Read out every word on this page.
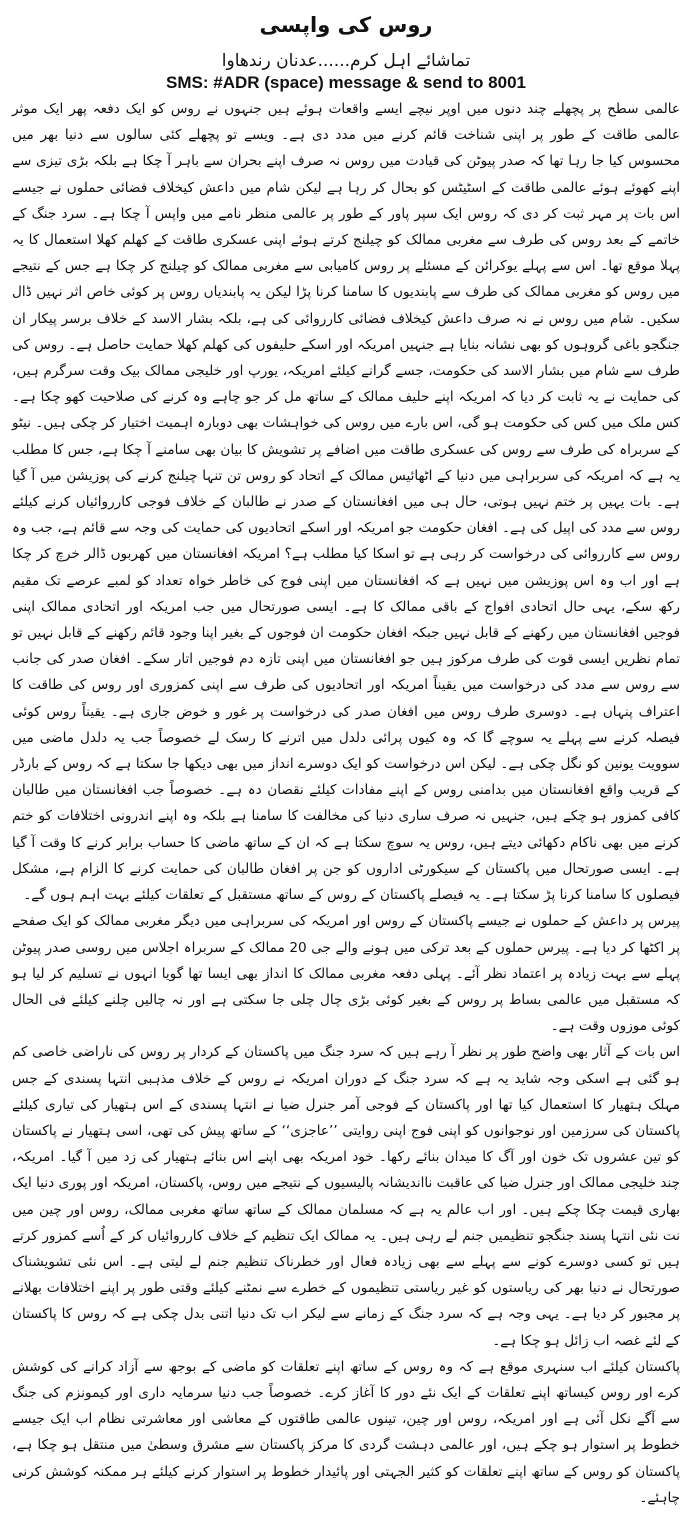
روس کی واپسی
تماشائے اہل کرم......عدنان رندھاوا
SMS: #ADR (space) message & send to 8001

عالمی سطح پر پچھلے چند دنوں میں اوپر نیچے ایسے واقعات ہوئے ہیں جنہوں نے روس کو ایک دفعہ پھر ایک موثر عالمی طاقت کے طور پر اپنی شناخت قائم کرنے میں مدد دی ہے۔ ویسے تو پچھلے کئی سالوں سے دنیا بھر میں محسوس کیا جا رہا تھا کہ صدر پیوٹن کی قیادت میں روس نہ صرف اپنے بحران سے باہر آ چکا ہے بلکہ بڑی تیزی سے اپنے کھوئے ہوئے عالمی طاقت کے اسٹیٹس کو بحال کر رہا ہے لیکن شام میں داعش کیخلاف فضائی حملوں نے جیسے اس بات پر مہر ثبت کر دی کہ روس ایک سپر پاور کے طور پر عالمی منظر نامے میں واپس آ چکا ہے۔ سرد جنگ کے خاتمے کے بعد روس کی طرف سے مغربی ممالک کو چیلنج کرتے ہوئے اپنی عسکری طاقت کے کھلم کھلا استعمال کا یہ پہلا موقع تھا۔ اس سے پہلے یوکرائن کے مسئلے پر روس کامیابی سے مغربی ممالک کو چیلنج کر چکا ہے جس کے نتیجے میں روس کو مغربی ممالک کی طرف سے پابندیوں کا سامنا کرنا پڑا لیکن یہ پابندیاں روس پر کوئی خاص اثر نہیں ڈال سکیں۔ شام میں روس نے نہ صرف داعش کیخلاف فضائی کارروائی کی ہے، بلکہ بشار الاسد کے خلاف برسر پیکار ان جنگجو باغی گروہوں کو بھی نشانہ بنایا ہے جنہیں امریکہ اور اسکے حلیفوں کی کھلم کھلا حمایت حاصل ہے۔ روس کی طرف سے شام میں بشار الاسد کی حکومت، جسے گرانے کیلئے امریکہ، یورپ اور خلیجی ممالک بیک وقت سرگرم ہیں، کی حمایت نے یہ ثابت کر دیا کہ امریکہ اپنے حلیف ممالک کے ساتھ مل کر جو چاہے وہ کرنے کی صلاحیت کھو چکا ہے۔ کس ملک میں کس کی حکومت ہو گی، اس بارے میں روس کی خواہشات بھی دوبارہ اہمیت اختیار کر چکی ہیں۔ نیٹو کے سربراہ کی طرف سے روس کی عسکری طاقت میں اضافے پر تشویش کا بیان بھی سامنے آ چکا ہے، جس کا مطلب یہ ہے کہ امریکہ کی سربراہی میں دنیا کے اٹھائیس ممالک کے اتحاد کو روس تن تنہا چیلنج کرنے کی پوزیشن میں آ گیا ہے۔ بات یہیں پر ختم نہیں ہوتی، حال ہی میں افغانستان کے صدر نے طالبان کے خلاف فوجی کارروائیاں کرنے کیلئے روس سے مدد کی اپیل کی ہے۔ افغان حکومت جو امریکہ اور اسکے اتحادیوں کی حمایت کی وجہ سے قائم ہے، جب وہ روس سے کارروائی کی درخواست کر رہی ہے تو اسکا کیا مطلب ہے؟ امریکہ افغانستان میں کھربوں ڈالر خرچ کر چکا ہے اور اب وہ اس پوزیشن میں نہیں ہے کہ افغانستان میں اپنی فوج کی خاطر خواہ تعداد کو لمبے عرصے تک مقیم رکھ سکے، یہی حال اتحادی افواج کے باقی ممالک کا ہے۔ ایسی صورتحال میں جب امریکہ اور اتحادی ممالک اپنی فوجیں افغانستان میں رکھنے کے قابل نہیں جبکہ افغان حکومت ان فوجوں کے بغیر اپنا وجود قائم رکھنے کے قابل نہیں تو تمام نظریں ایسی قوت کی طرف مرکوز ہیں جو افغانستان میں اپنی تازہ دم فوجیں اتار سکے۔ افغان صدر کی جانب سے روس سے مدد کی درخواست میں یقیناً امریکہ اور اتحادیوں کی طرف سے اپنی کمزوری اور روس کی طاقت کا اعتراف پنہاں ہے۔ دوسری طرف روس میں افغان صدر کی درخواست پر غور و خوض جاری ہے۔ یقیناً روس کوئی فیصلہ کرنے سے پہلے یہ سوچے گا کہ وہ کیوں پرائی دلدل میں اترنے کا رسک لے خصوصاً جب یہ دلدل ماضی میں سوویت یونین کو نگل چکی ہے۔ لیکن اس درخواست کو ایک دوسرے انداز میں بھی دیکھا جا سکتا ہے کہ روس کے بارڈر کے قریب واقع افغانستان میں بدامنی روس کے اپنے مفادات کیلئے نقصان دہ ہے۔ خصوصاً جب افغانستان میں طالبان کافی کمزور ہو چکے ہیں، جنہیں نہ صرف ساری دنیا کی مخالفت کا سامنا ہے بلکہ وہ اپنے اندرونی اختلافات کو ختم کرنے میں بھی ناکام دکھائی دیتے ہیں، روس یہ سوچ سکتا ہے کہ ان کے ساتھ ماضی کا حساب برابر کرنے کا وقت آ گیا ہے۔ ایسی صورتحال میں پاکستان کے سیکورٹی اداروں کو جن پر افغان طالبان کی حمایت کرنے کا الزام ہے، مشکل فیصلوں کا سامنا کرنا پڑ سکتا ہے۔ یہ فیصلے پاکستان کے روس کے ساتھ مستقبل کے تعلقات کیلئے بہت اہم ہوں گے۔

پیرس پر داعش کے حملوں نے جیسے پاکستان کے روس اور امریکہ کی سربراہی میں دیگر مغربی ممالک کو ایک صفحے پر اکٹھا کر دیا ہے۔ پیرس حملوں کے بعد ترکی میں ہونے والے جی 20 ممالک کے سربراہ اجلاس میں روسی صدر پیوٹن پہلے سے بہت زیادہ پر اعتماد نظر آئے۔ پہلی دفعہ مغربی ممالک کا انداز بھی ایسا تھا گویا انہوں نے تسلیم کر لیا ہو کہ مستقبل میں عالمی بساط پر روس کے بغیر کوئی بڑی چال چلی جا سکتی ہے اور نہ چالیں چلنے کیلئے فی الحال کوئی موزوں وقت ہے۔

اس بات کے آثار بھی واضح طور پر نظر آ رہے ہیں کہ سرد جنگ میں پاکستان کے کردار پر روس کی ناراضی خاصی کم ہو گئی ہے اسکی وجہ شاید یہ ہے کہ سرد جنگ کے دوران امریکہ نے روس کے خلاف مذہبی انتہا پسندی کے جس مہلک ہتھیار کا استعمال کیا تھا اور پاکستان کے فوجی آمر جنرل ضیا نے انتہا پسندی کے اس ہتھیار کی تیاری کیلئے پاکستان کی سرزمین اور نوجوانوں کو اپنی فوج اپنی روایتی ’’عاجزی‘‘ کے ساتھ پیش کی تھی، اسی ہتھیار نے پاکستان کو تین عشروں تک خون اور آگ کا میدان بنائے رکھا۔ خود امریکہ بھی اپنے اس بنائے ہتھیار کی زد میں آ گیا۔ امریکہ، چند خلیجی ممالک اور جنرل ضیا کی عاقبت نااندیشانہ پالیسیوں کے نتیجے میں روس، پاکستان، امریکہ اور پوری دنیا ایک بھاری قیمت چکا چکے ہیں۔ اور اب عالم یہ ہے کہ مسلمان ممالک کے ساتھ ساتھ مغربی ممالک، روس اور چین میں نت نئی انتہا پسند جنگجو تنظیمیں جنم لے رہی ہیں۔ یہ ممالک ایک تنظیم کے خلاف کارروائیاں کر کے اُسے کمزور کرتے ہیں تو کسی دوسرے کونے سے پہلے سے بھی زیادہ فعال اور خطرناک تنظیم جنم لے لیتی ہے۔ اس نئی تشویشناک صورتحال نے دنیا بھر کی ریاستوں کو غیر ریاستی تنظیموں کے خطرے سے نمٹنے کیلئے وقتی طور پر اپنے اختلافات بھلانے پر مجبور کر دیا ہے۔ یہی وجہ ہے کہ سرد جنگ کے زمانے سے لیکر اب تک دنیا اتنی بدل چکی ہے کہ روس کا پاکستان کے لئے غصہ اب زائل ہو چکا ہے۔

پاکستان کیلئے اب سنہری موقع ہے کہ وہ روس کے ساتھ اپنے تعلقات کو ماضی کے بوجھ سے آزاد کرانے کی کوشش کرے اور روس کیساتھ اپنے تعلقات کے ایک نئے دور کا آغاز کرے۔ خصوصاً جب دنیا سرمایہ داری اور کیمونزم کی جنگ سے آگے نکل آئی ہے اور امریکہ، روس اور چین، تینوں عالمی طاقتوں کے معاشی اور معاشرتی نظام اب ایک جیسے خطوط پر استوار ہو چکے ہیں، اور عالمی دہشت گردی کا مرکز پاکستان سے مشرق وسطیٰ میں منتقل ہو چکا ہے، پاکستان کو روس کے ساتھ اپنے تعلقات کو کثیر الجہتی اور پائیدار خطوط پر استوار کرنے کیلئے ہر ممکنہ کوشش کرنی چاہئے۔
